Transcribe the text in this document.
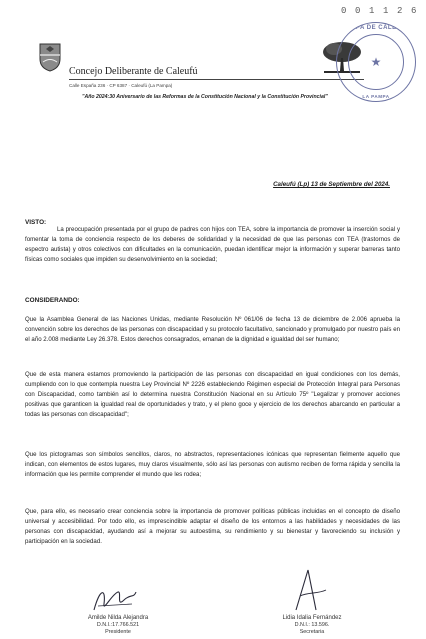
0 0 1 1 2 6
Concejo Deliberante de Caleufú
Calle España 236 · CP 6387 · Caleufú (La Pampa)
"Año 2024:30 Aniversario de las Reformas de la Constitución Nacional y la Constitución Provincial"
PAMPA DE CALEUFÚ
★
LA PAMPA
Caleufú (Lp) 13 de Septiembre del 2024.
VISTO:

La preocupación presentada por el grupo de padres con hijos con TEA, sobre la importancia de promover la inserción social y fomentar la toma de conciencia respecto de los deberes de solidaridad y la necesidad de que las personas con TEA (trastornos de espectro autista) y otros colectivos con dificultades en la comunicación, puedan identificar mejor la información y superar barreras tanto físicas como sociales que impiden su desenvolvimiento en la sociedad;

CONSIDERANDO:

Que la Asamblea General de las Naciones Unidas, mediante Resolución Nº 061/06 de fecha 13 de diciembre de 2.006 aprueba la convención sobre los derechos de las personas con discapacidad y su protocolo facultativo, sancionado y promulgado por nuestro país en el año 2.008 mediante Ley 26.378. Estos derechos consagrados, emanan de la dignidad e igualdad del ser humano;

Que de esta manera estamos promoviendo la participación de las personas con discapacidad en igual condiciones con los demás, cumpliendo con lo que contempla nuestra Ley Provincial Nº 2226 estableciendo Régimen especial de Protección Integral para Personas con Discapacidad, como también así lo determina nuestra Constitución Nacional en su Artículo 75º "Legalizar y promover acciones positivas que garanticen la igualdad real de oportunidades y trato, y el pleno goce y ejercicio de los derechos abarcando en particular a todas las personas con discapacidad";

Que los pictogramas son símbolos sencillos, claros, no abstractos, representaciones icónicas que representan fielmente aquello que indican, con elementos de estos lugares, muy claros visualmente, sólo así las personas con autismo reciben de forma rápida y sencilla la información que les permite comprender el mundo que les rodea;

Que, para ello, es necesario crear conciencia sobre la importancia de promover políticas públicas incluidas en el concepto de diseño universal y accesibilidad. Por todo ello, es imprescindible adaptar el diseño de los entornos a las habilidades y necesidades de las personas con discapacidad, ayudando así a mejorar su autoestima, su rendimiento y su bienestar y favoreciendo su inclusión y participación en la sociedad.

Amilde Nilda Alejandra
D.N.I.:17.766.521
Presidente
Lidia Idalia Fernández
D.N.I.: 13.596.
Secretaria
